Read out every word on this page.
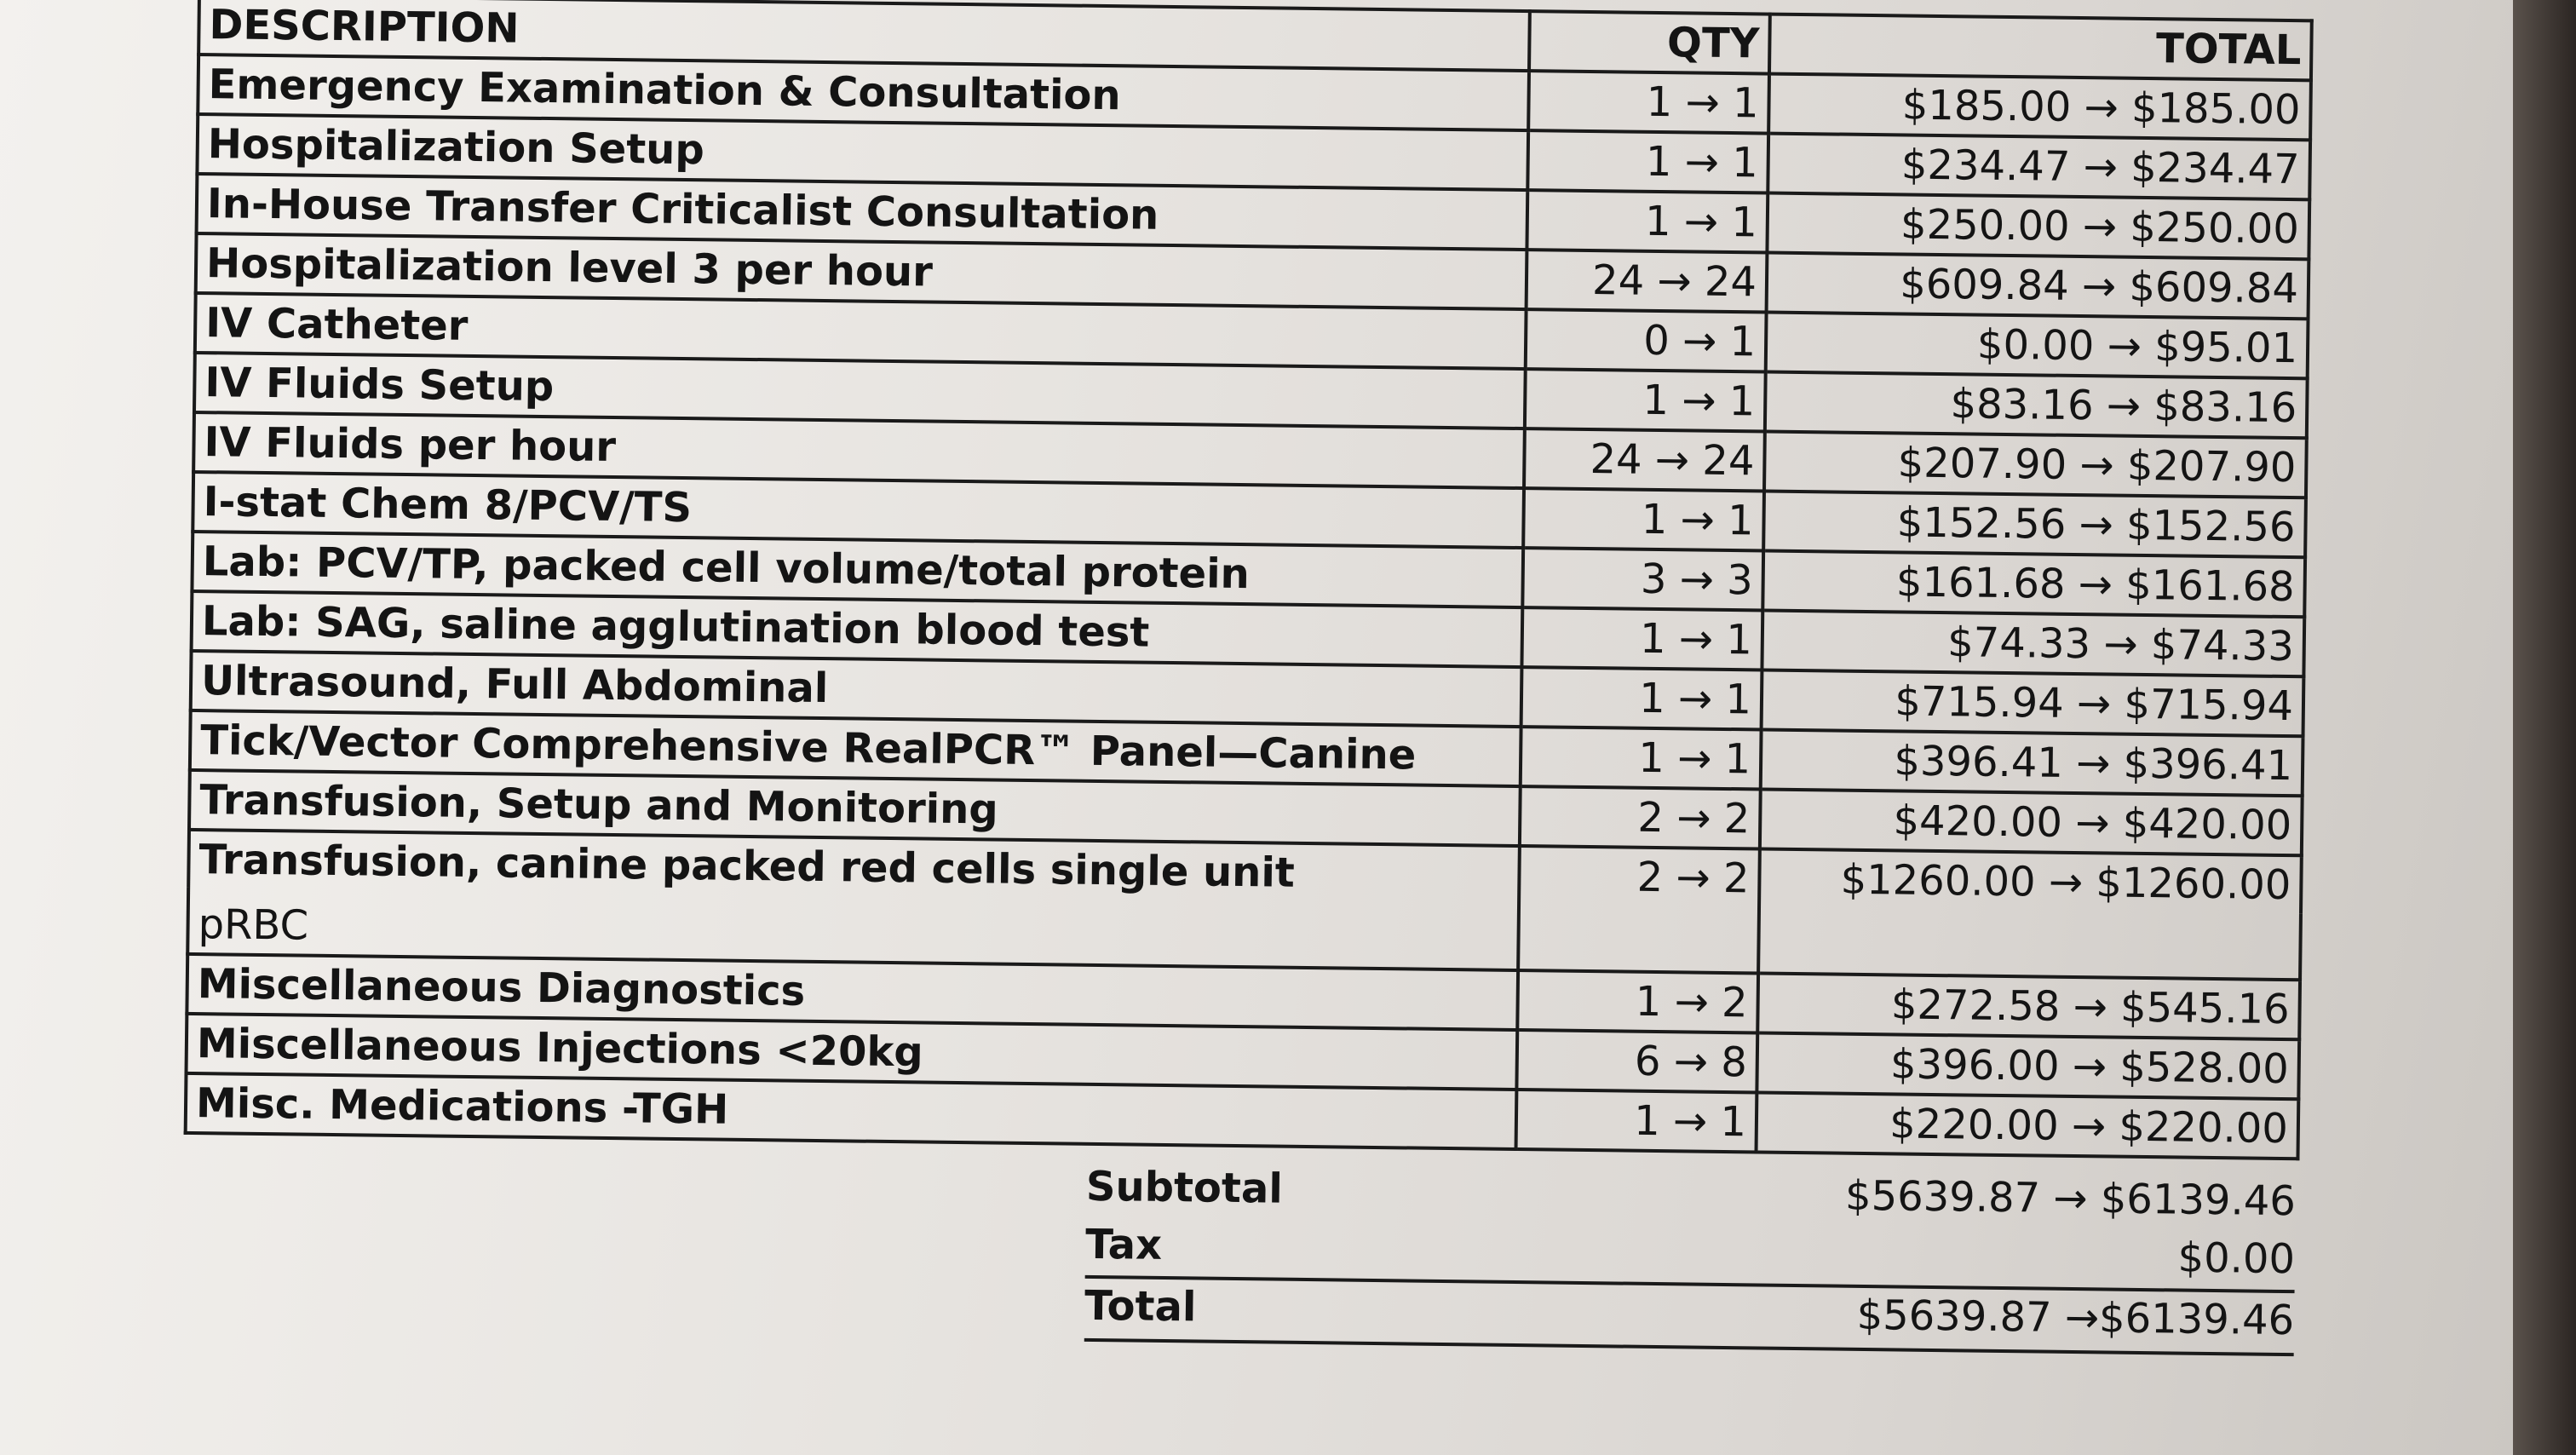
DESCRIPTION	QTY	TOTAL
Emergency Examination & Consultation	1 → 1	$185.00 → $185.00
Hospitalization Setup	1 → 1	$234.47 → $234.47
In-House Transfer Criticalist Consultation	1 → 1	$250.00 → $250.00
Hospitalization level 3 per hour	24 → 24	$609.84 → $609.84
IV Catheter	0 → 1	$0.00 → $95.01
IV Fluids Setup	1 → 1	$83.16 → $83.16
IV Fluids per hour	24 → 24	$207.90 → $207.90
I-stat Chem 8/PCV/TS	1 → 1	$152.56 → $152.56
Lab: PCV/TP, packed cell volume/total protein	3 → 3	$161.68 → $161.68
Lab: SAG, saline agglutination blood test	1 → 1	$74.33 → $74.33
Ultrasound, Full Abdominal	1 → 1	$715.94 → $715.94
Tick/Vector Comprehensive RealPCR™ Panel—Canine	1 → 1	$396.41 → $396.41
Transfusion, Setup and Monitoring	2 → 2	$420.00 → $420.00
Transfusion, canine packed red cells single unit	2 → 2	$1260.00 → $1260.00
pRBC		
Miscellaneous Diagnostics	1 → 2	$272.58 → $545.16
Miscellaneous Injections <20kg	6 → 8	$396.00 → $528.00
Misc. Medications -TGH	1 → 1	$220.00 → $220.00
Subtotal	$5639.87 → $6139.46
Tax	$0.00
Total	$5639.87 →$6139.46
